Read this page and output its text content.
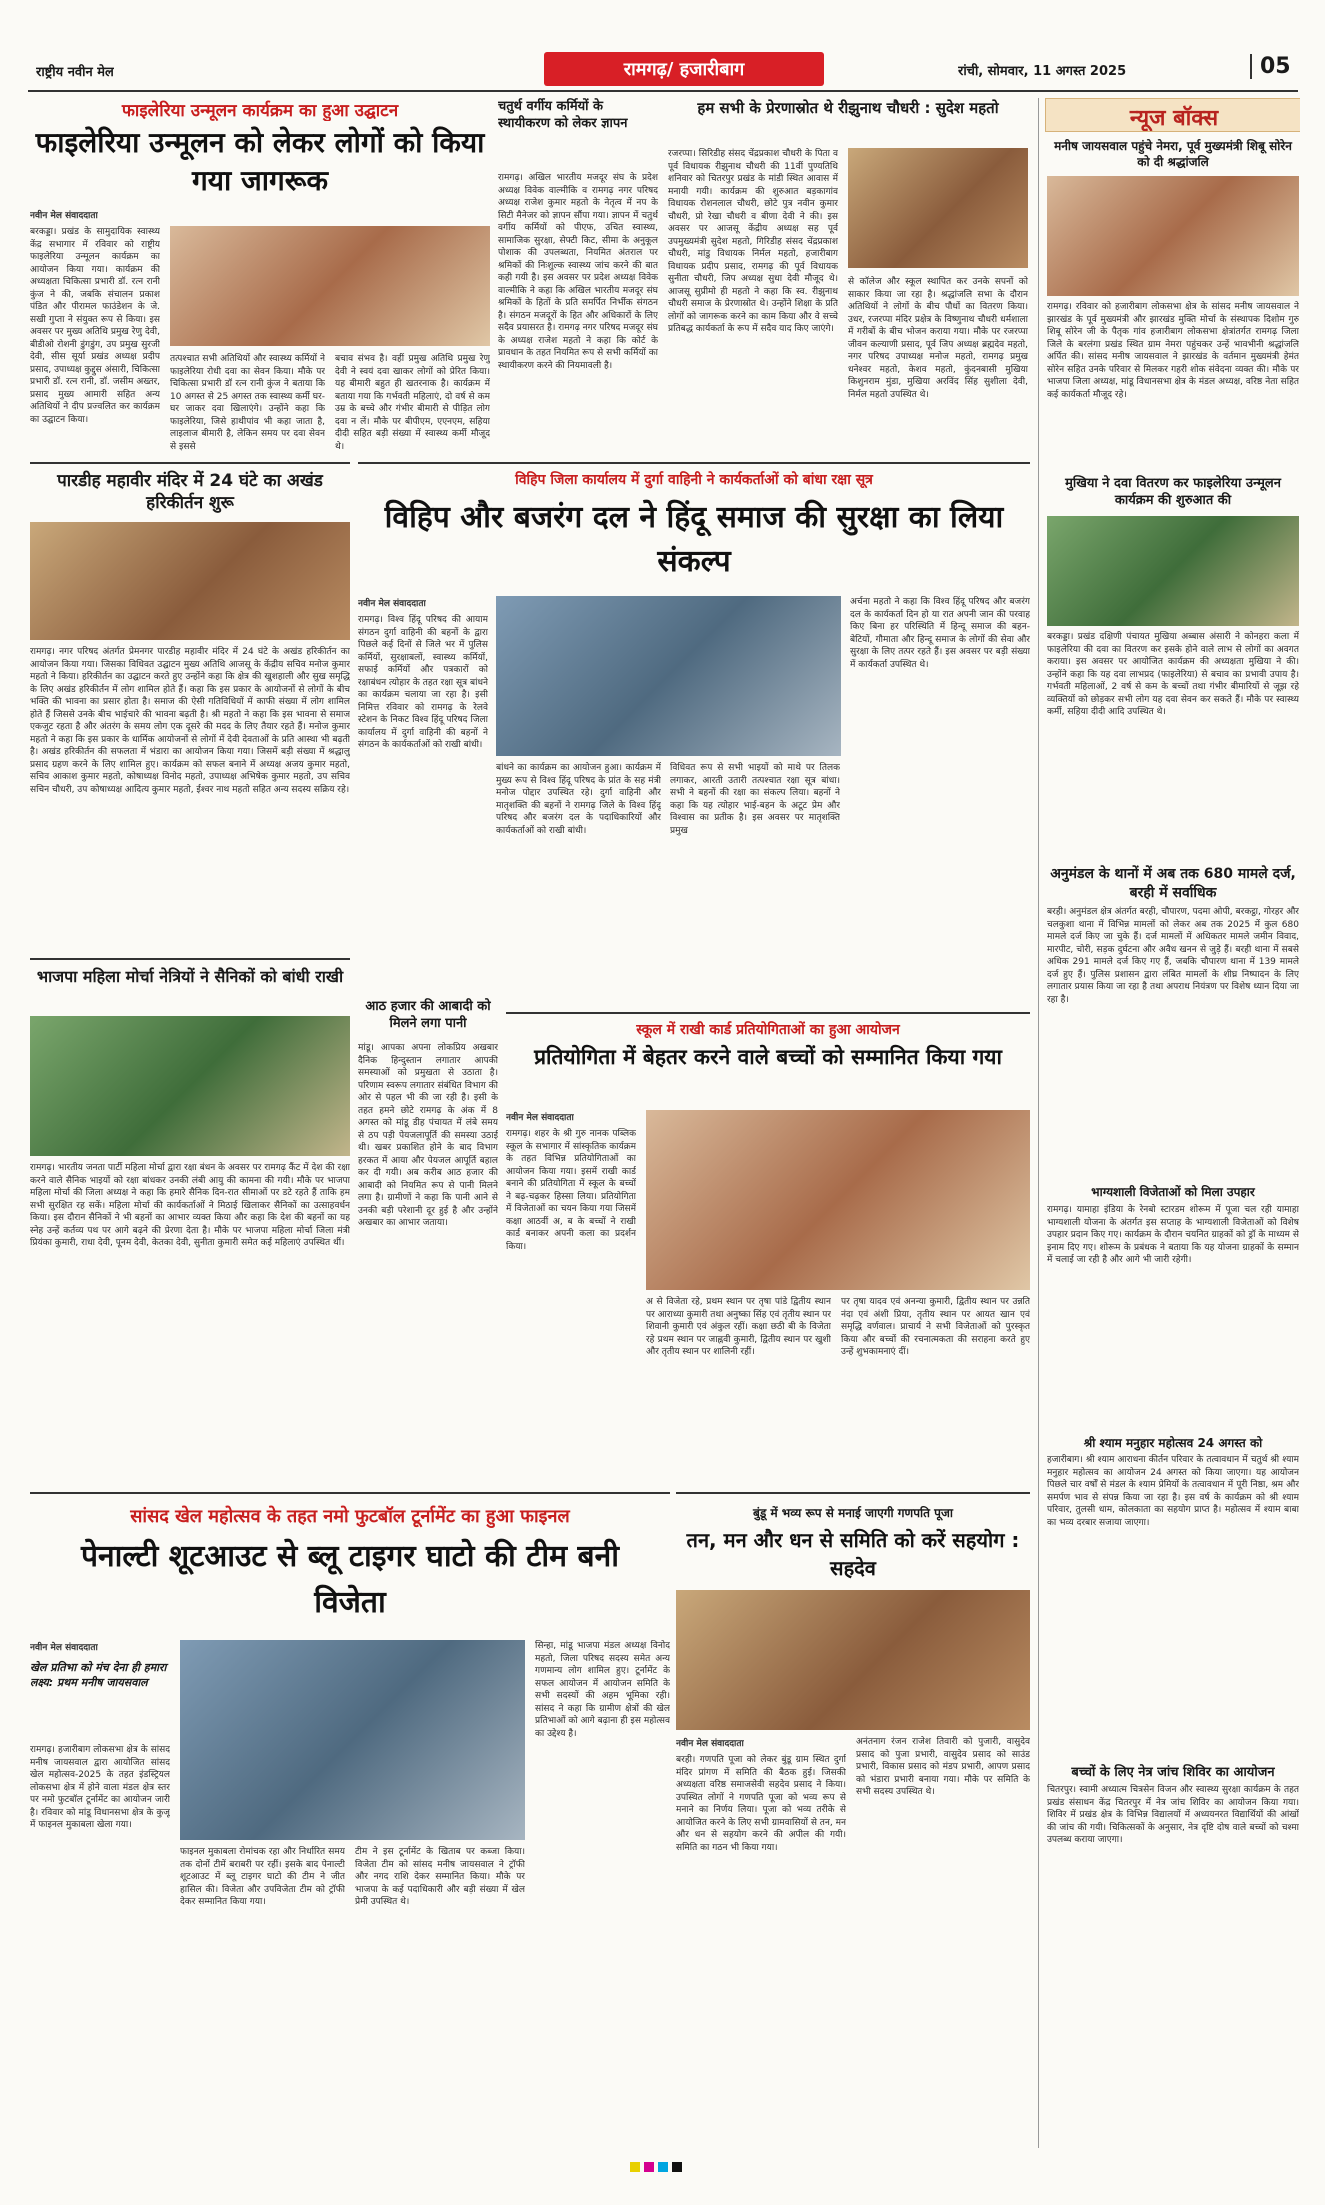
राष्ट्रीय नवीन मेल	रामगढ़/ हजारीबाग	रांची, सोमवार, 11 अगस्त 2025	05
फाइलेरिया उन्मूलन कार्यक्रम का हुआ उद्घाटन
फाइलेरिया उन्मूलन को लेकर लोगों को किया गया जागरूक
नवीन मेल संवाददाता
बरकड्डा। प्रखंड के सामुदायिक स्वास्थ्य केंद्र सभागार में रविवार को राष्ट्रीय फाइलेरिया उन्मूलन कार्यक्रम का आयोजन किया गया। कार्यक्रम की अध्यक्षता चिकित्सा प्रभारी डॉ. रत्न रानी कुंज ने की, जबकि संचालन प्रकाश पंडित और पीरामल फाउंडेशन के जे. सखी गुप्ता ने संयुक्त रूप से किया। इस अवसर पर मुख्य अतिथि प्रमुख रेणु देवी, बीडीओ रोशनी डुंगडुंग, उप प्रमुख सुरजी देवी, सीस सूर्या प्रखंड अध्यक्ष प्रदीप प्रसाद, उपाध्यक्ष कुद्दुस अंसारी, चिकित्सा प्रभारी डॉ. रत्न रानी, डॉ. जसीम अख्तर, प्रसाद मुख्य आमारी सहित अन्य अतिथियों ने दीप प्रज्वलित कर कार्यक्रम का उद्घाटन किया।
तत्पश्चात सभी अतिथियों और स्वास्थ्य कर्मियों ने फाइलेरिया रोधी दवा का सेवन किया। मौके पर चिकित्सा प्रभारी डॉ रत्न रानी कुंज ने बताया कि 10 अगस्त से 25 अगस्त तक स्वास्थ्य कर्मी घर-घर जाकर दवा खिलाएंगे। उन्होंने कहा कि फाइलेरिया, जिसे हाथीपांव भी कहा जाता है, लाइलाज बीमारी है, लेकिन समय पर दवा सेवन से इससे
बचाव संभव है। वहीं प्रमुख अतिथि प्रमुख रेणु देवी ने स्वयं दवा खाकर लोगों को प्रेरित किया। यह बीमारी बहुत ही खतरनाक है। कार्यक्रम में बताया गया कि गर्भवती महिलाएं, दो वर्ष से कम उम्र के बच्चे और गंभीर बीमारी से पीड़ित लोग दवा न लें। मौके पर बीपीएम, एएनएम, सहिया दीदी सहित बड़ी संख्या में स्वास्थ्य कर्मी मौजूद थे।
चतुर्थ वर्गीय कर्मियों के स्थायीकरण को लेकर ज्ञापन
रामगढ़। अखिल भारतीय मजदूर संघ के प्रदेश अध्यक्ष विवेक वाल्मीकि व रामगढ़ नगर परिषद अध्यक्ष राजेश कुमार महतो के नेतृत्व में नप के सिटी मैनेजर को ज्ञापन सौंपा गया। ज्ञापन में चतुर्थ वर्गीय कर्मियों को पीएफ, उचित स्वास्थ्य, सामाजिक सुरक्षा, सेफ्टी किट, सीमा के अनुकूल पोशाक की उपलब्धता, नियमित अंतराल पर श्रमिकों की निःशुल्क स्वास्थ्य जांच करने की बात कही गयी है। इस अवसर पर प्रदेश अध्यक्ष विवेक वाल्मीकि ने कहा कि अखिल भारतीय मजदूर संघ श्रमिकों के हितों के प्रति समर्पित निर्भीक संगठन है। संगठन मजदूरों के हित और अधिकारों के लिए सदैव प्रयासरत है। रामगढ़ नगर परिषद मजदूर संघ के अध्यक्ष राजेश महतो ने कहा कि कोर्ट के प्रावधान के तहत नियमित रूप से सभी कर्मियों का स्थायीकरण करने की नियमावली है।
हम सभी के प्रेरणास्रोत थे रीझुनाथ चौधरी : सुदेश महतो
रजरप्पा। सिरिडीह संसद चेंद्रप्रकाश चौधरी के पिता व पूर्व विधायक रीझुनाथ चौधरी की 11वीं पुण्यतिथि शनिवार को चितरपुर प्रखंड के मांडी स्थित आवास में मनायी गयी। कार्यक्रम की शुरुआत बड़कागांव विधायक रोशनलाल चौधरी, छोटे पुत्र नवीन कुमार चौधरी, प्रो रेखा चौधरी व बीणा देवी ने की। इस अवसर पर आजसू केंद्रीय अध्यक्ष सह पूर्व उपमुख्यमंत्री सुदेश महतो, गिरिडीह संसद चेंद्रप्रकाश चौधरी, मांडु विधायक निर्मल महतो, हजारीबाग विधायक प्रदीप प्रसाद, रामगढ़ की पूर्व विधायक सुनीता चौधरी, जिप अध्यक्ष सुधा देवी मौजूद थे। आजसू सुप्रीमो ही महतो ने कहा कि स्व. रीझुनाथ चौधरी समाज के प्रेरणास्रोत थे। उन्होंने शिक्षा के प्रति लोगों को जागरूक करने का काम किया और वे सच्चे प्रतिबद्ध कार्यकर्ता के रूप में सदैव याद किए जाएंगे।
से कॉलेज और स्कूल स्थापित कर उनके सपनों को साकार किया जा रहा है। श्रद्धांजलि सभा के दौरान अतिथियों ने लोगों के बीच पौधों का वितरण किया। उधर, रजरप्पा मंदिर प्रक्षेत्र के विष्णुनाथ चौधरी धर्मशाला में गरीबों के बीच भोजन कराया गया। मौके पर रजरप्पा जीवन कल्याणी प्रसाद, पूर्व जिप अध्यक्ष ब्रह्मदेव महतो, नगर परिषद उपाध्यक्ष मनोज महतो, रामगढ़ प्रमुख धनेश्वर महतो, केशव महतो, कुंदनबासी मुखिया किशुनराम मुंडा, मुखिया अरविंद सिंह सुशीला देवी, निर्मल महतो उपस्थित थे।
न्यूज बॉक्स
मनीष जायसवाल पहुंचे नेमरा, पूर्व मुख्यमंत्री शिबू सोरेन को दी श्रद्धांजलि
रामगढ़। रविवार को हजारीबाग लोकसभा क्षेत्र के सांसद मनीष जायसवाल ने झारखंड के पूर्व मुख्यमंत्री और झारखंड मुक्ति मोर्चा के संस्थापक दिशोम गुरु शिबू सोरेन जी के पैतृक गांव हजारीबाग लोकसभा क्षेत्रांतर्गत रामगढ़ जिला जिले के बरलंगा प्रखंड स्थित ग्राम नेमरा पहुंचकर उन्हें भावभीनी श्रद्धांजलि अर्पित की। सांसद मनीष जायसवाल ने झारखंड के वर्तमान मुख्यमंत्री हेमंत सोरेन सहित उनके परिवार से मिलकर गहरी शोक संवेदना व्यक्त की। मौके पर भाजपा जिला अध्यक्ष, मांडू विधानसभा क्षेत्र के मंडल अध्यक्ष, वरिष्ठ नेता सहित कई कार्यकर्ता मौजूद रहे।
मुखिया ने दवा वितरण कर फाइलेरिया उन्मूलन कार्यक्रम की शुरुआत की
बरकड्डा। प्रखंड दक्षिणी पंचायत मुखिया अब्बास अंसारी ने कोनहरा कला में फाइलेरिया की दवा का वितरण कर इसके होने वाले लाभ से लोगों का अवगत कराया। इस अवसर पर आयोजित कार्यक्रम की अध्यक्षता मुखिया ने की। उन्होंने कहा कि यह दवा लाभप्रद (फाइलेरिया) से बचाव का प्रभावी उपाय है। गर्भवती महिलाओं, 2 वर्ष से कम के बच्चों तथा गंभीर बीमारियों से जूझ रहे व्यक्तियों को छोड़कर सभी लोग यह दवा सेवन कर सकते हैं। मौके पर स्वास्थ्य कर्मी, सहिया दीदी आदि उपस्थित थे।
अनुमंडल के थानों में अब तक 680 मामले दर्ज, बरही में सर्वाधिक
बरही। अनुमंडल क्षेत्र अंतर्गत बरही, चौपारण, पदमा ओपी, बरकट्ठा, गोरहर और चलकुशा थाना में विभिन्न मामलों को लेकर अब तक 2025 में कुल 680 मामले दर्ज किए जा चुके हैं। दर्ज मामलों में अधिकतर मामले जमीन विवाद, मारपीट, चोरी, सड़क दुर्घटना और अवैध खनन से जुड़े हैं। बरही थाना में सबसे अधिक 291 मामले दर्ज किए गए हैं, जबकि चौपारण थाना में 139 मामले दर्ज हुए हैं। पुलिस प्रशासन द्वारा लंबित मामलों के शीघ्र निष्पादन के लिए लगातार प्रयास किया जा रहा है तथा अपराध नियंत्रण पर विशेष ध्यान दिया जा रहा है।
भाग्यशाली विजेताओं को मिला उपहार
रामगढ़। यामाहा इंडिया के रेनबो स्टारडम शोरूम में पूजा चल रही यामाहा भाग्यशाली योजना के अंतर्गत इस सप्ताह के भाग्यशाली विजेताओं को विशेष उपहार प्रदान किए गए। कार्यक्रम के दौरान चयनित ग्राहकों को ड्रॉ के माध्यम से इनाम दिए गए। शोरूम के प्रबंधक ने बताया कि यह योजना ग्राहकों के सम्मान में चलाई जा रही है और आगे भी जारी रहेगी।
श्री श्याम मनुहार महोत्सव 24 अगस्त को
हजारीबाग। श्री श्याम आराधना कीर्तन परिवार के तत्वावधान में चतुर्थ श्री श्याम मनुहार महोत्सव का आयोजन 24 अगस्त को किया जाएगा। यह आयोजन पिछले चार वर्षों से मंडल के श्याम प्रेमियों के तत्वावधान में पूरी निष्ठा, श्रम और समर्पण भाव से संपन्न किया जा रहा है। इस वर्ष के कार्यक्रम को श्री श्याम परिवार, तुलसी धाम, कोलकाता का सहयोग प्राप्त है। महोत्सव में श्याम बाबा का भव्य दरबार सजाया जाएगा।
बच्चों के लिए नेत्र जांच शिविर का आयोजन
चितरपुर। स्वामी अध्यात्म चित्रसेन विजन और स्वास्थ्य सुरक्षा कार्यक्रम के तहत प्रखंड संसाधन केंद्र चितरपुर में नेत्र जांच शिविर का आयोजन किया गया। शिविर में प्रखंड क्षेत्र के विभिन्न विद्यालयों में अध्ययनरत विद्यार्थियों की आंखों की जांच की गयी। चिकित्सकों के अनुसार, नेत्र दृष्टि दोष वाले बच्चों को चश्मा उपलब्ध कराया जाएगा।
पारडीह महावीर मंदिर में 24 घंटे का अखंड हरिकीर्तन शुरू
रामगढ़। नगर परिषद अंतर्गत प्रेमनगर पारडीह महावीर मंदिर में 24 घंटे के अखंड हरिकीर्तन का आयोजन किया गया। जिसका विधिवत उद्घाटन मुख्य अतिथि आजसू के केंद्रीय सचिव मनोज कुमार महतो ने किया। हरिकीर्तन का उद्घाटन करते हुए उन्होंने कहा कि क्षेत्र की खुशहाली और सुख समृद्धि के लिए अखंड हरिकीर्तन में लोग शामिल होते हैं। कहा कि इस प्रकार के आयोजनों से लोगों के बीच भक्ति की भावना का प्रसार होता है। समाज की ऐसी गतिविधियों में काफी संख्या में लोग शामिल होते हैं जिससे उनके बीच भाईचारे की भावना बढ़ती है। श्री महतो ने कहा कि इस भावना से समाज एकजुट रहता है और अंतरंग के समय लोग एक दूसरे की मदद के लिए तैयार रहते हैं। मनोज कुमार महतो ने कहा कि इस प्रकार के धार्मिक आयोजनों से लोगों में देवी देवताओं के प्रति आस्था भी बढ़ती है। अखंड हरिकीर्तन की सफलता में भंडारा का आयोजन किया गया। जिसमें बड़ी संख्या में श्रद्धालु प्रसाद ग्रहण करने के लिए शामिल हुए। कार्यक्रम को सफल बनाने में अध्यक्ष अजय कुमार महतो, सचिव आकाश कुमार महतो, कोषाध्यक्ष विनोद महतो, उपाध्यक्ष अभिषेक कुमार महतो, उप सचिव सचिन चौधरी, उप कोषाध्यक्ष आदित्य कुमार महतो, ईश्वर नाथ महतो सहित अन्य सदस्य सक्रिय रहे।
विहिप जिला कार्यालय में दुर्गा वाहिनी ने कार्यकर्ताओं को बांधा रक्षा सूत्र
विहिप और बजरंग दल ने हिंदू समाज की सुरक्षा का लिया संकल्प
नवीन मेल संवाददाता
रामगढ़। विश्व हिंदू परिषद की आयाम संगठन दुर्गा वाहिनी की बहनों के द्वारा पिछले कई दिनों से जिले भर में पुलिस कर्मियों, सुरक्षाबलों, स्वास्थ्य कर्मियों, सफाई कर्मियों और पत्रकारों को रक्षाबंधन त्योहार के तहत रक्षा सूत्र बांधने का कार्यक्रम चलाया जा रहा है। इसी निमित्त रविवार को रामगढ़ के रेलवे स्टेशन के निकट विश्व हिंदू परिषद जिला कार्यालय में दुर्गा वाहिनी की बहनों ने संगठन के कार्यकर्ताओं को राखी बांधी।
बांधने का कार्यक्रम का आयोजन हुआ। कार्यक्रम में मुख्य रूप से विश्व हिंदू परिषद के प्रांत के सह मंत्री मनोज पोद्दार उपस्थित रहे। दुर्गा वाहिनी और मातृशक्ति की बहनों ने रामगढ़ जिले के विश्व हिंदू परिषद और बजरंग दल के पदाधिकारियों और कार्यकर्ताओं को राखी बांधी।
विधिवत रूप से सभी भाइयों को माथे पर तिलक लगाकर, आरती उतारी तत्पश्चात रक्षा सूत्र बांधा। सभी ने बहनों की रक्षा का संकल्प लिया। बहनों ने कहा कि यह त्योहार भाई-बहन के अटूट प्रेम और विश्वास का प्रतीक है। इस अवसर पर मातृशक्ति प्रमुख
अर्चना महतो ने कहा कि विश्व हिंदू परिषद और बजरंग दल के कार्यकर्ता दिन हो या रात अपनी जान की परवाह किए बिना हर परिस्थिति में हिन्दू समाज की बहन-बेटियों, गौमाता और हिन्दू समाज के लोगों की सेवा और सुरक्षा के लिए तत्पर रहते हैं। इस अवसर पर बड़ी संख्या में कार्यकर्ता उपस्थित थे।
आठ हजार की आबादी को मिलने लगा पानी
मांडू। आपका अपना लोकप्रिय अखबार दैनिक हिन्दुस्तान लगातार आपकी समस्याओं को प्रमुखता से उठाता है। परिणाम स्वरूप लगातार संबंधित विभाग की ओर से पहल भी की जा रही है। इसी के तहत हमने छोटे रामगढ़ के अंक में 8 अगस्त को मांडू डीह पंचायत में लंबे समय से ठप पड़ी पेयजलापूर्ति की समस्या उठाई थी। खबर प्रकाशित होने के बाद विभाग हरकत में आया और पेयजल आपूर्ति बहाल कर दी गयी। अब करीब आठ हजार की आबादी को नियमित रूप से पानी मिलने लगा है। ग्रामीणों ने कहा कि पानी आने से उनकी बड़ी परेशानी दूर हुई है और उन्होंने अखबार का आभार जताया।
भाजपा महिला मोर्चा नेत्रियों ने सैनिकों को बांधी राखी
रामगढ़। भारतीय जनता पार्टी महिला मोर्चा द्वारा रक्षा बंधन के अवसर पर रामगढ़ कैंट में देश की रक्षा करने वाले सैनिक भाइयों को रक्षा बांधकर उनकी लंबी आयु की कामना की गयी। मौके पर भाजपा महिला मोर्चा की जिला अध्यक्ष ने कहा कि हमारे सैनिक दिन-रात सीमाओं पर डटे रहते हैं ताकि हम सभी सुरक्षित रह सकें। महिला मोर्चा की कार्यकर्ताओं ने मिठाई खिलाकर सैनिकों का उत्साहवर्धन किया। इस दौरान सैनिकों ने भी बहनों का आभार व्यक्त किया और कहा कि देश की बहनों का यह स्नेह उन्हें कर्तव्य पथ पर आगे बढ़ने की प्रेरणा देता है। मौके पर भाजपा महिला मोर्चा जिला मंत्री प्रियंका कुमारी, राधा देवी, पूनम देवी, केतका देवी, सुनीता कुमारी समेत कई महिलाएं उपस्थित थीं।
स्कूल में राखी कार्ड प्रतियोगिताओं का हुआ आयोजन
प्रतियोगिता में बेहतर करने वाले बच्चों को सम्मानित किया गया
नवीन मेल संवाददाता
रामगढ़। शहर के श्री गुरु नानक पब्लिक स्कूल के सभागार में सांस्कृतिक कार्यक्रम के तहत विभिन्न प्रतियोगिताओं का आयोजन किया गया। इसमें राखी कार्ड बनाने की प्रतियोगिता में स्कूल के बच्चों ने बढ़-चढ़कर हिस्सा लिया। प्रतियोगिता में विजेताओं का चयन किया गया जिसमें कक्षा आठवीं अ, ब के बच्चों ने राखी कार्ड बनाकर अपनी कला का प्रदर्शन किया।
अ से विजेता रहे, प्रथम स्थान पर तृषा पांडे द्वितीय स्थान पर आराध्या कुमारी तथा अनुष्का सिंह एवं तृतीय स्थान पर शिवानी कुमारी एवं अंकुल रहीं। कक्षा छठी बी के विजेता रहे प्रथम स्थान पर जाह्नवी कुमारी, द्वितीय स्थान पर खुशी और तृतीय स्थान पर शालिनी रहीं।
पर तृषा यादव एवं अनन्या कुमारी, द्वितीय स्थान पर उन्नति नंदा एवं अंशी प्रिया, तृतीय स्थान पर आयत खान एवं समृद्धि वर्णवाल। प्राचार्य ने सभी विजेताओं को पुरस्कृत किया और बच्चों की रचनात्मकता की सराहना करते हुए उन्हें शुभकामनाएं दीं।
सांसद खेल महोत्सव के तहत नमो फुटबॉल टूर्नामेंट का हुआ फाइनल
पेनाल्टी शूटआउट से ब्लू टाइगर घाटो की टीम बनी विजेता
नवीन मेल संवाददाता
खेल प्रतिभा को मंच देना ही हमारा लक्ष्य: प्रथम मनीष जायसवाल
रामगढ़। हजारीबाग लोकसभा क्षेत्र के सांसद मनीष जायसवाल द्वारा आयोजित सांसद खेल महोत्सव-2025 के तहत इंडस्ट्रियल लोकसभा क्षेत्र में होने वाला मंडल क्षेत्र स्तर पर नमो फुटबॉल टूर्नामेंट का आयोजन जारी है। रविवार को मांडू विधानसभा क्षेत्र के कुजू में फाइनल मुकाबला खेला गया।
फाइनल मुकाबला रोमांचक रहा और निर्धारित समय तक दोनों टीमें बराबरी पर रहीं। इसके बाद पेनाल्टी शूटआउट में ब्लू टाइगर घाटो की टीम ने जीत हासिल की। विजेता और उपविजेता टीम को ट्रॉफी देकर सम्मानित किया गया।
टीम ने इस टूर्नामेंट के खिताब पर कब्जा किया। विजेता टीम को सांसद मनीष जायसवाल ने ट्रॉफी और नगद राशि देकर सम्मानित किया। मौके पर भाजपा के कई पदाधिकारी और बड़ी संख्या में खेल प्रेमी उपस्थित थे।
सिन्हा, मांडू भाजपा मंडल अध्यक्ष विनोद महतो, जिला परिषद सदस्य समेत अन्य गणमान्य लोग शामिल हुए। टूर्नामेंट के सफल आयोजन में आयोजन समिति के सभी सदस्यों की अहम भूमिका रही। सांसद ने कहा कि ग्रामीण क्षेत्रों की खेल प्रतिभाओं को आगे बढ़ाना ही इस महोत्सव का उद्देश्य है।
बुंडू में भव्य रूप से मनाई जाएगी गणपति पूजा
तन, मन और धन से समिति को करें सहयोग : सहदेव
नवीन मेल संवाददाता
बरही। गणपति पूजा को लेकर बुंडू ग्राम स्थित दुर्गा मंदिर प्रांगण में समिति की बैठक हुई। जिसकी अध्यक्षता वरिष्ठ समाजसेवी सहदेव प्रसाद ने किया। उपस्थित लोगों ने गणपति पूजा को भव्य रूप से मनाने का निर्णय लिया। पूजा को भव्य तरीके से आयोजित करने के लिए सभी ग्रामवासियों से तन, मन और धन से सहयोग करने की अपील की गयी। समिति का गठन भी किया गया।
अनंतनाग रंजन राजेश तिवारी को पुजारी, वासुदेव प्रसाद को पुजा प्रभारी, वासुदेव प्रसाद को साउंड प्रभारी, विकास प्रसाद को मंडप प्रभारी, आपण प्रसाद को भंडारा प्रभारी बनाया गया। मौके पर समिति के सभी सदस्य उपस्थित थे।
